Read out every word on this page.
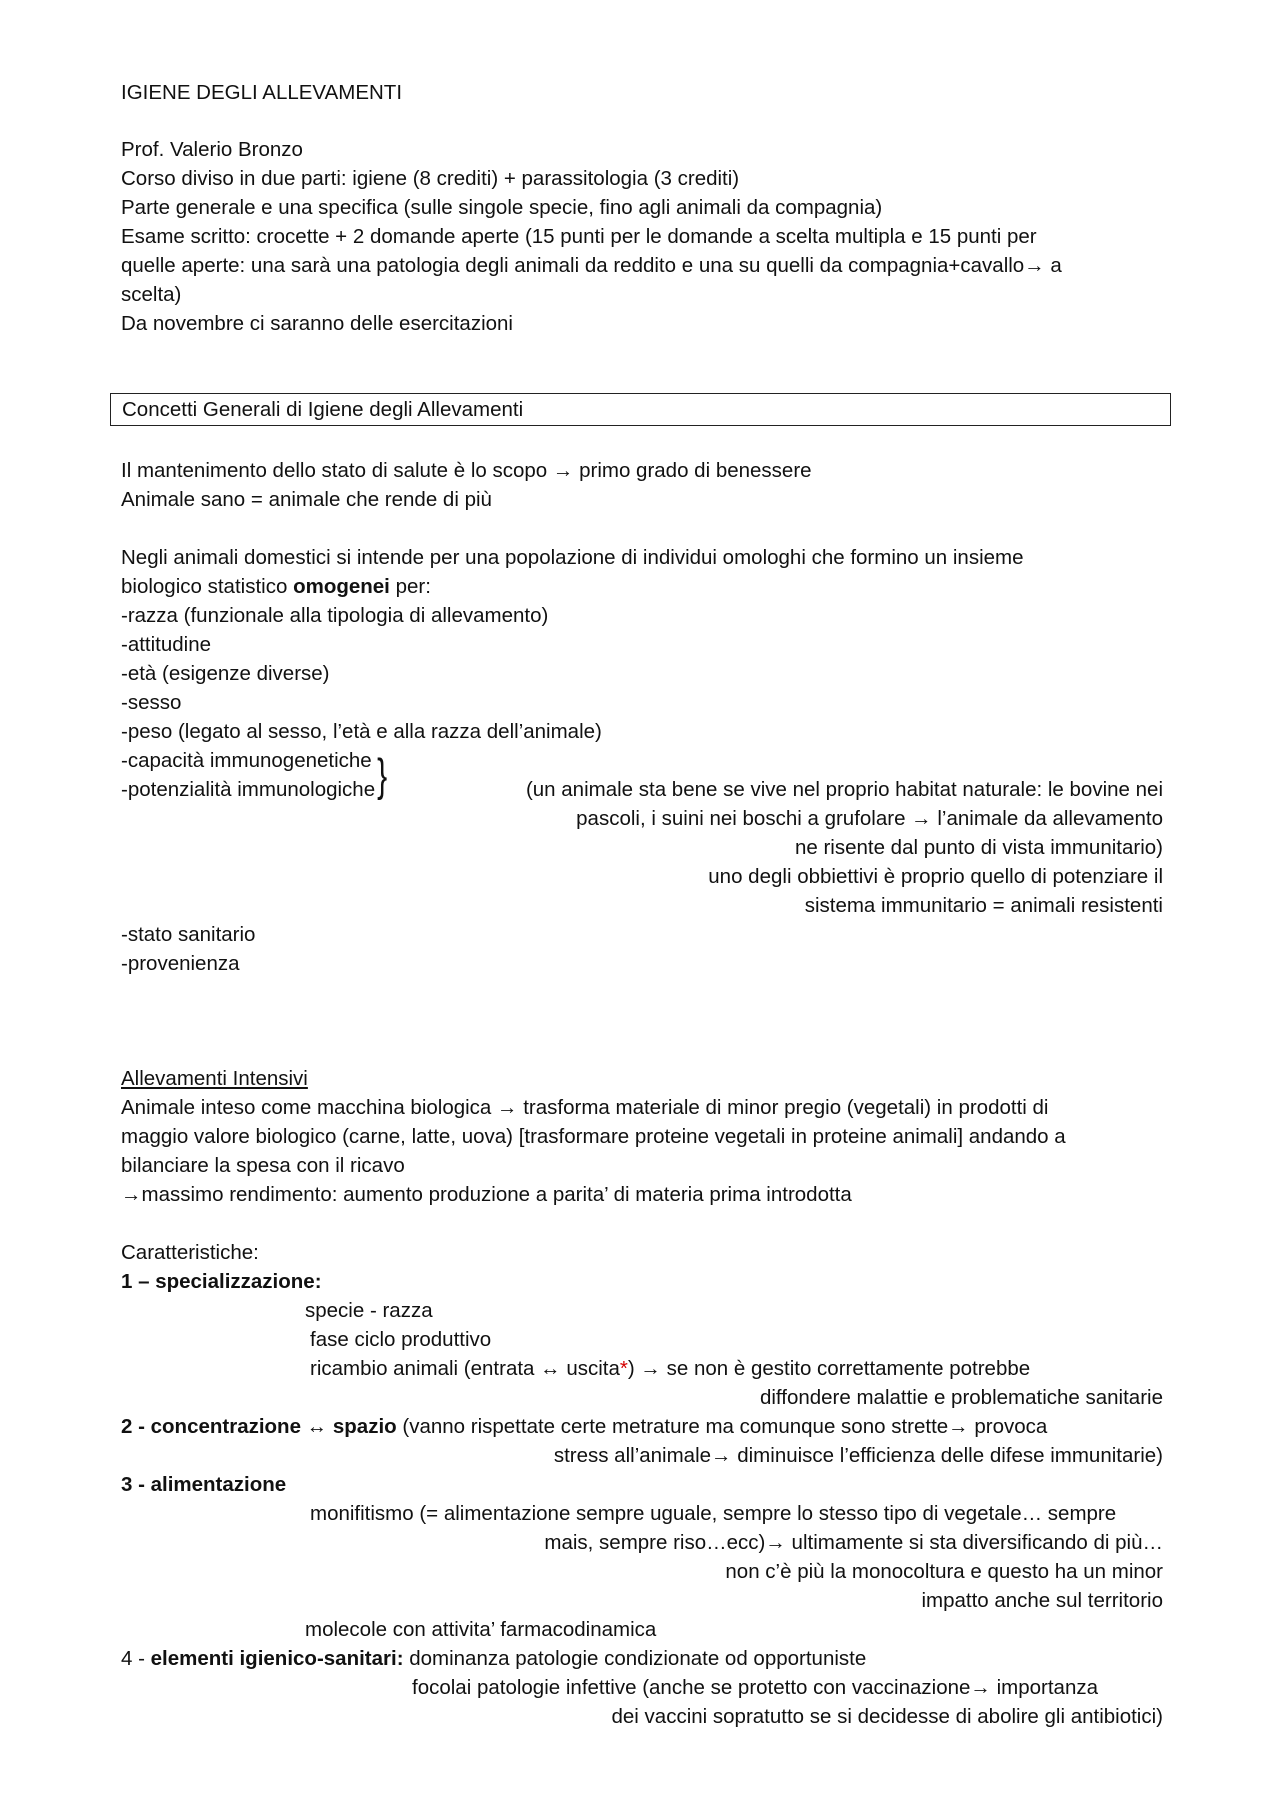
IGIENE DEGLI ALLEVAMENTI
Prof. Valerio Bronzo
Corso diviso in due parti: igiene (8 crediti) + parassitologia (3 crediti)
Parte generale e una specifica (sulle singole specie, fino agli animali da compagnia)
Esame scritto: crocette + 2 domande aperte (15 punti per le domande a scelta multipla e 15 punti per
quelle aperte: una sarà una patologia degli animali da reddito e una su quelli da compagnia+cavallo→ a
scelta)
Da novembre ci saranno delle esercitazioni
Concetti Generali di Igiene degli Allevamenti
Il mantenimento dello stato di salute è lo scopo → primo grado di benessere
Animale sano = animale che rende di più
Negli animali domestici si intende per una popolazione di individui omologhi che formino un insieme
biologico statistico omogenei per:
-razza (funzionale alla tipologia di allevamento)
-attitudine
-età (esigenze diverse)
-sesso
-peso (legato al sesso, l’età e alla razza dell’animale)
-capacità immunogenetiche
-potenzialità immunologiche}	(un animale sta bene se vive nel proprio habitat naturale: le bovine nei
pascoli, i suini nei boschi a grufolare → l’animale da allevamento
ne risente dal punto di vista immunitario)
uno degli obbiettivi è proprio quello di potenziare il
sistema immunitario = animali resistenti
-stato sanitario
-provenienza
Allevamenti Intensivi
Animale inteso come macchina biologica → trasforma materiale di minor pregio (vegetali) in prodotti di
maggio valore biologico (carne, latte, uova) [trasformare proteine vegetali in proteine animali] andando a
bilanciare la spesa con il ricavo
→massimo rendimento: aumento produzione a parita’ di materia prima introdotta
Caratteristiche:
1 – specializzazione:
specie - razza
fase ciclo produttivo
ricambio animali (entrata ↔ uscita*) → se non è gestito correttamente potrebbe
diffondere malattie e problematiche sanitarie
2 - concentrazione ↔ spazio (vanno rispettate certe metrature ma comunque sono strette→ provoca
stress all’animale→ diminuisce l’efficienza delle difese immunitarie)
3 - alimentazione
monifitismo (= alimentazione sempre uguale, sempre lo stesso tipo di vegetale… sempre
mais, sempre riso…ecc)→ ultimamente si sta diversificando di più…
non c’è più la monocoltura e questo ha un minor
impatto anche sul territorio
molecole con attivita’ farmacodinamica
4 - elementi igienico-sanitari: dominanza patologie condizionate od opportuniste
focolai patologie infettive (anche se protetto con vaccinazione→ importanza
dei vaccini sopratutto se si decidesse di abolire gli antibiotici)
